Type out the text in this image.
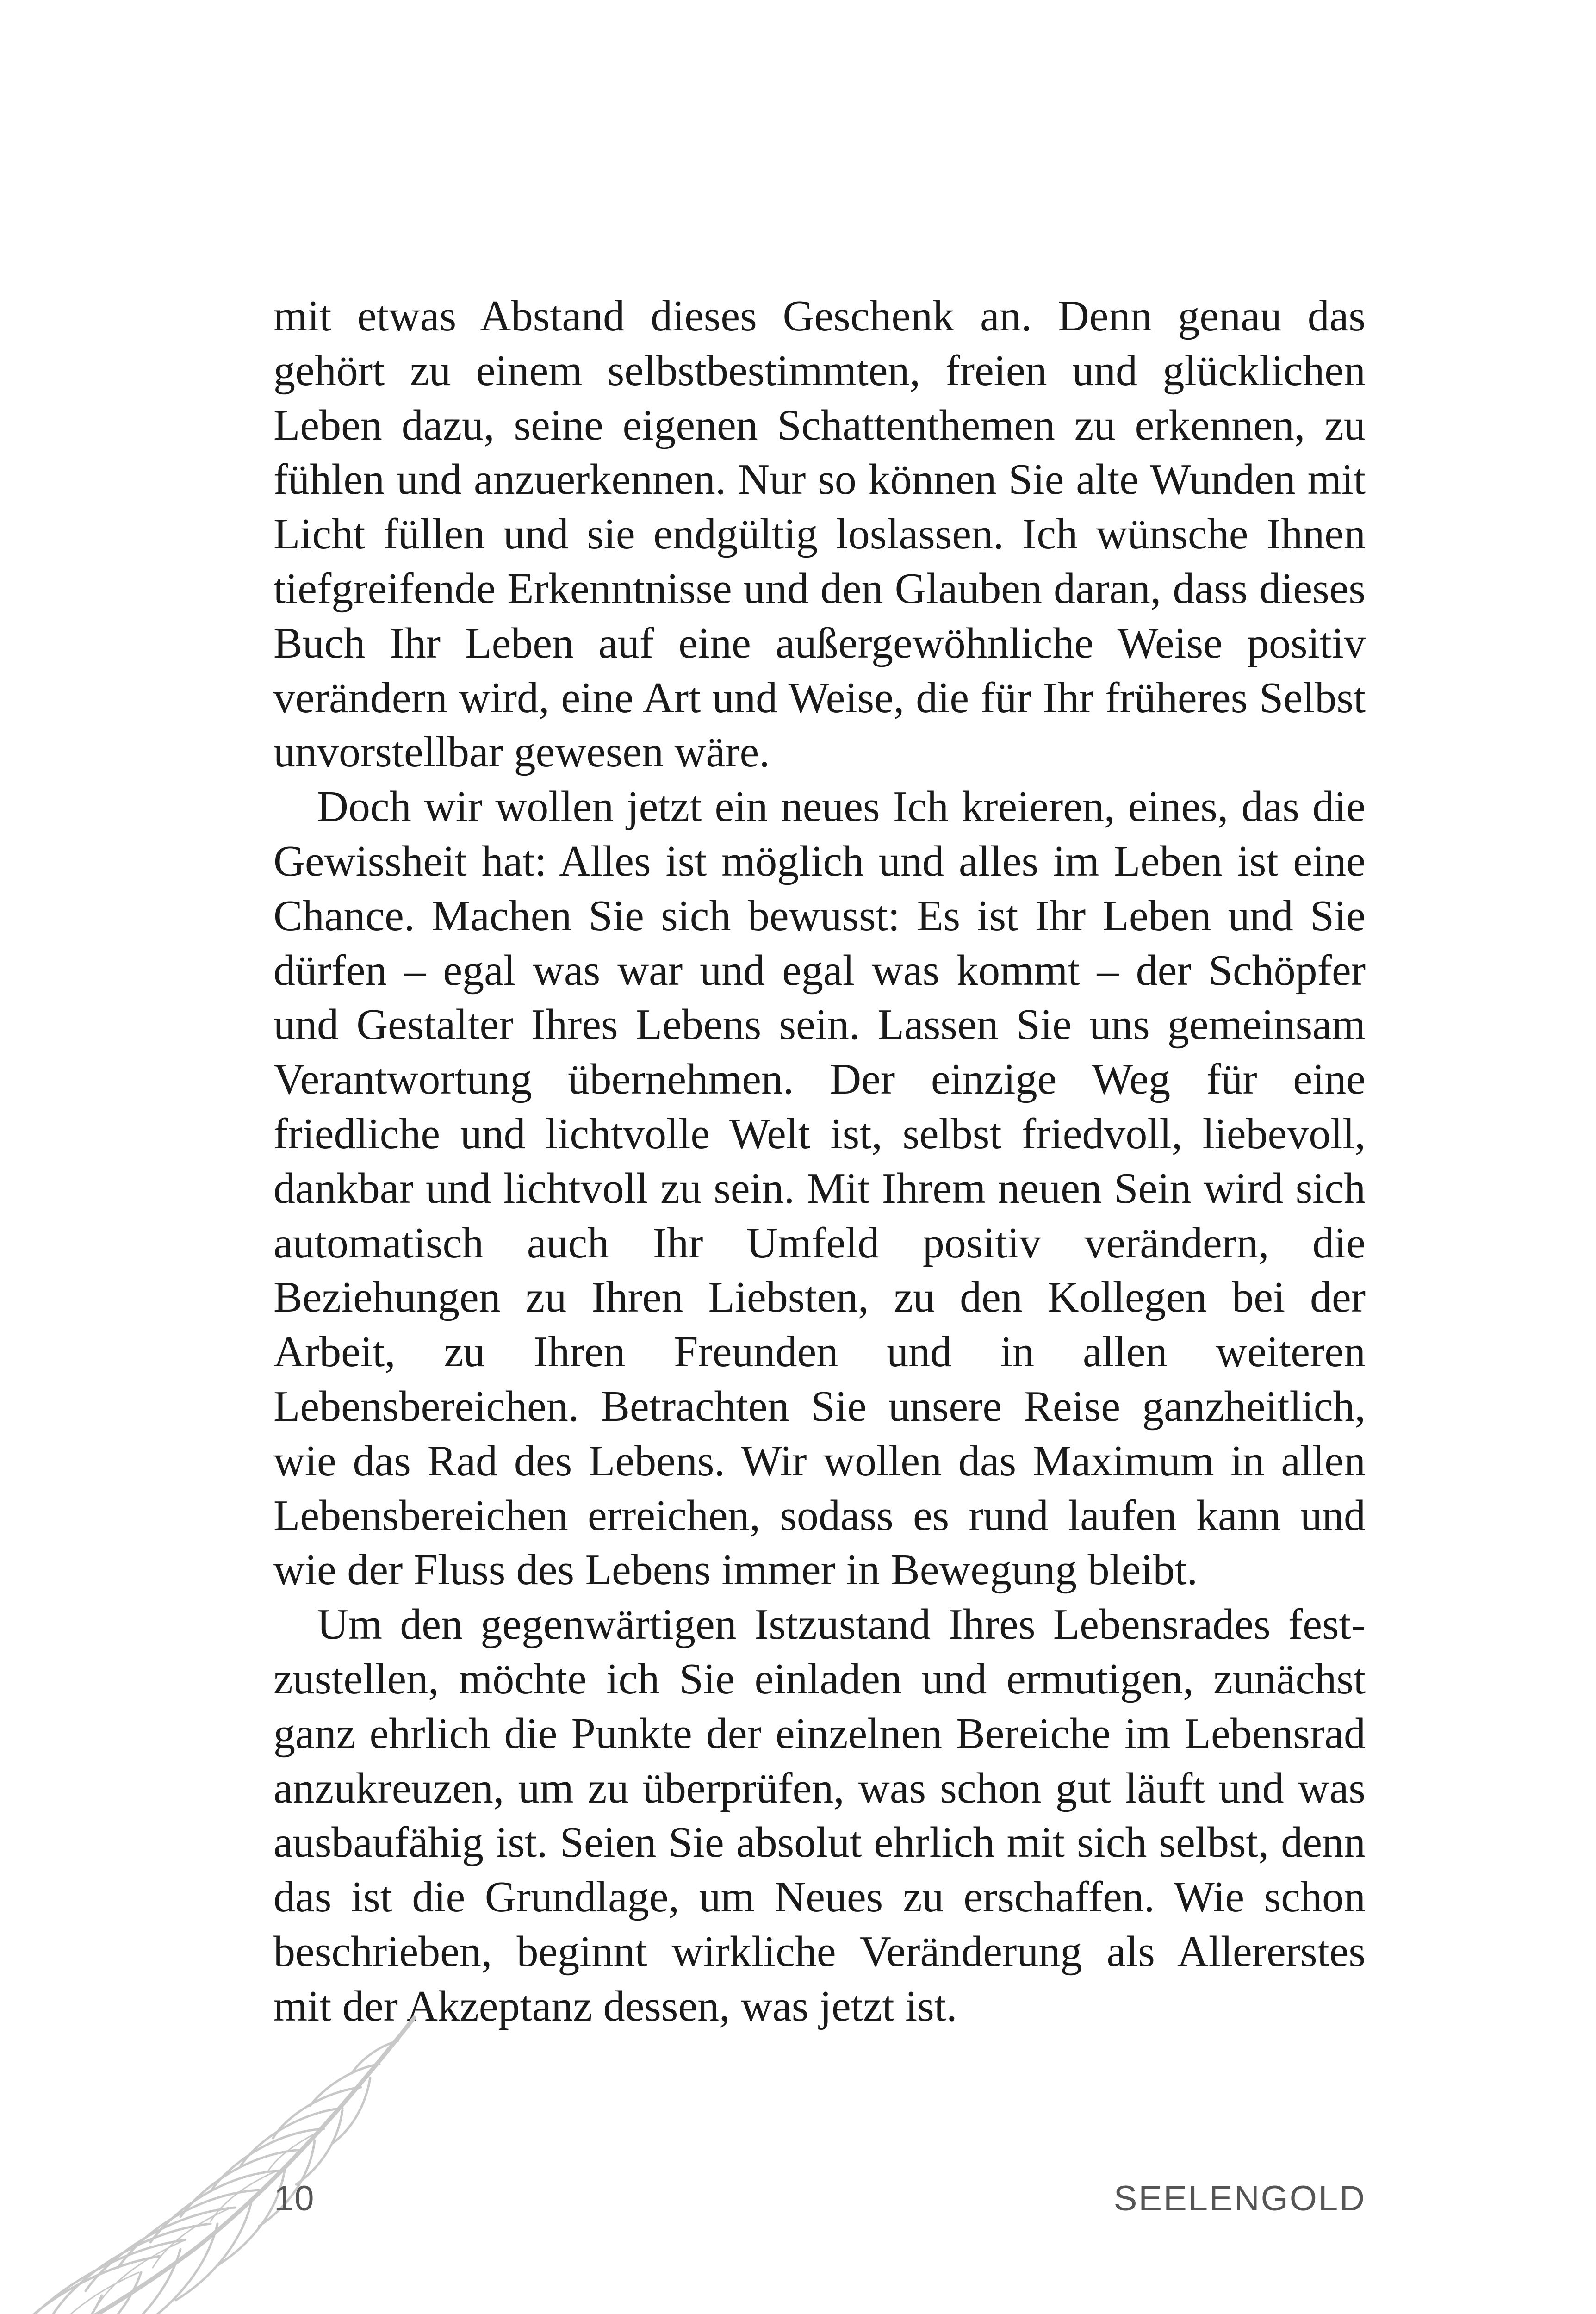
mit etwas Abstand dieses Geschenk an. Denn genau das gehört zu einem selbstbestimmten, freien und glücklichen Leben dazu, seine eigenen Schattenthemen zu erkennen, zu fühlen und anzuerkennen. Nur so können Sie alte Wunden mit Licht füllen und sie endgültig loslassen. Ich wünsche Ihnen tiefgreifende Erkenntnisse und den Glauben daran, dass dieses Buch Ihr Leben auf eine außergewöhnliche Weise positiv verändern wird, eine Art und Weise, die für Ihr früheres Selbst unvorstellbar gewesen wäre.

Doch wir wollen jetzt ein neues Ich kreieren, eines, das die Gewissheit hat: Alles ist möglich und alles im Leben ist eine Chance. Machen Sie sich bewusst: Es ist Ihr Leben und Sie dürfen – egal was war und egal was kommt – der Schöpfer und Gestalter Ihres Lebens sein. Lassen Sie uns gemeinsam Verantwortung übernehmen. Der einzige Weg für eine friedliche und lichtvolle Welt ist, selbst friedvoll, liebevoll, dankbar und lichtvoll zu sein. Mit Ihrem neuen Sein wird sich automatisch auch Ihr Umfeld positiv verändern, die Beziehungen zu Ihren Liebsten, zu den Kollegen bei der Arbeit, zu Ihren Freunden und in allen weiteren Lebensbereichen. Betrachten Sie unsere Reise ganzheitlich, wie das Rad des Lebens. Wir wollen das Maximum in allen Lebensbereichen erreichen, sodass es rund laufen kann und wie der Fluss des Lebens immer in Bewegung bleibt.

Um den gegenwärtigen Istzustand Ihres Lebensrades festzustellen, möchte ich Sie einladen und ermutigen, zunächst ganz ehrlich die Punkte der einzelnen Bereiche im Lebensrad anzukreuzen, um zu überprüfen, was schon gut läuft und was ausbaufähig ist. Seien Sie absolut ehrlich mit sich selbst, denn das ist die Grundlage, um Neues zu erschaffen. Wie schon beschrieben, beginnt wirkliche Veränderung als Allererstes mit der Akzeptanz dessen, was jetzt ist.

10	SEELENGOLD
